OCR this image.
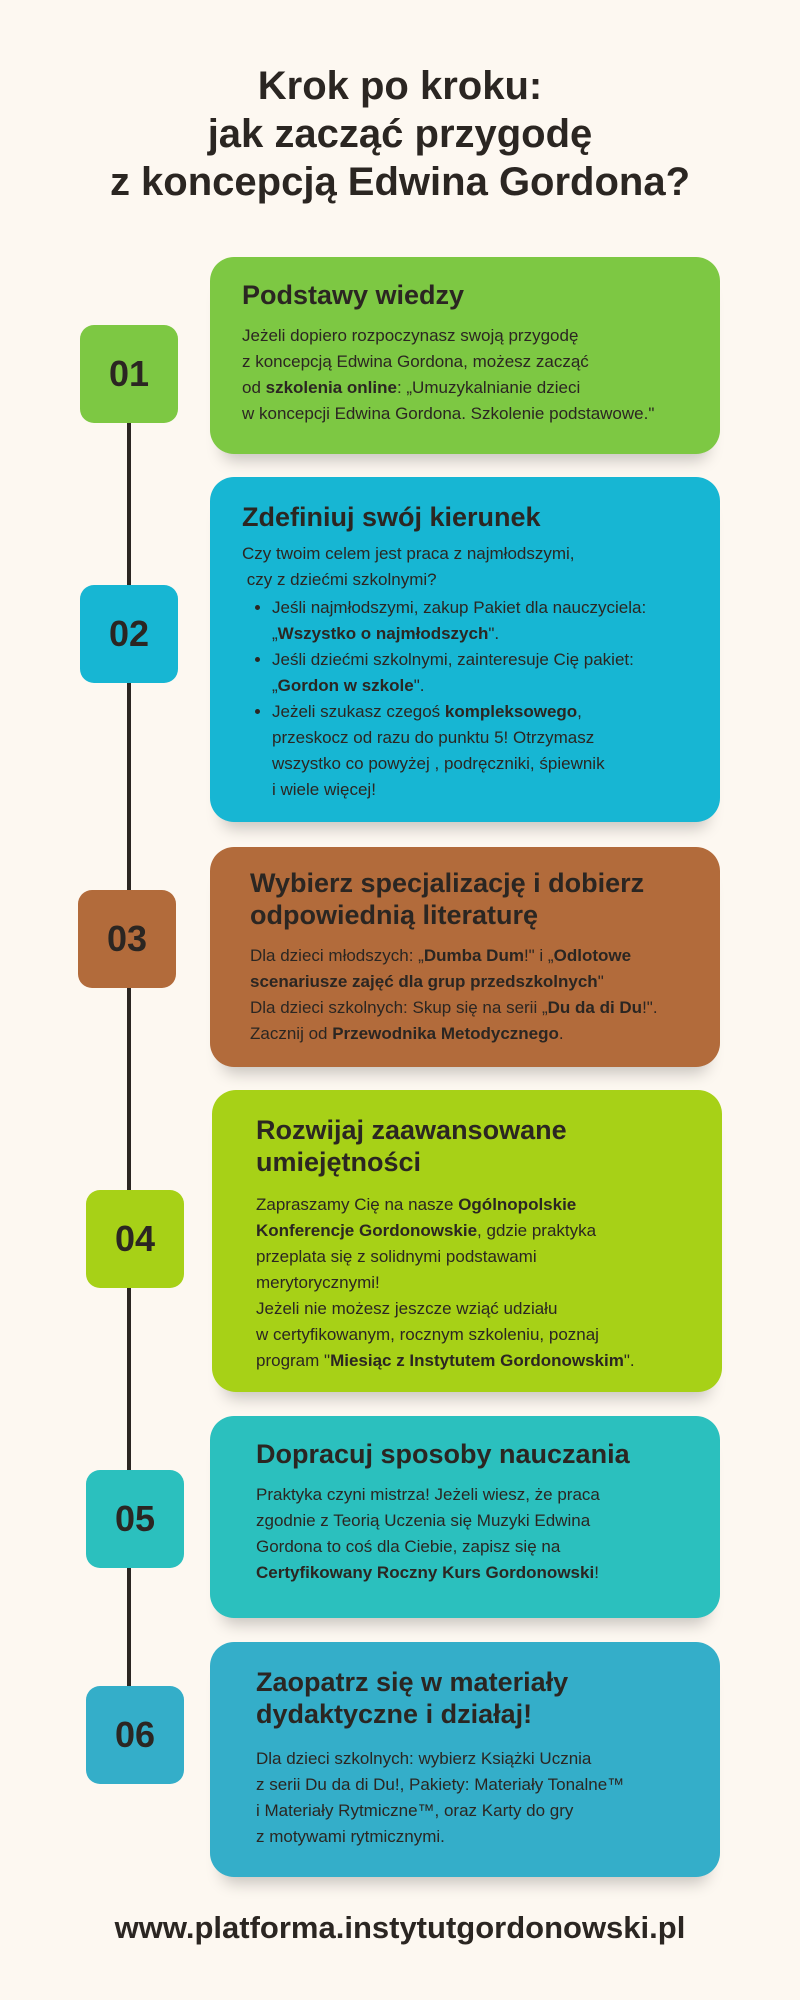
Krok po kroku:
jak zacząć przygodę
z koncepcją Edwina Gordona?
01
Podstawy wiedzy

Jeżeli dopiero rozpoczynasz swoją przygodę

z koncepcją Edwina Gordona, możesz zacząć

od szkolenia online: „Umuzykalnianie dzieci

w koncepcji Edwina Gordona. Szkolenie podstawowe."

02
Zdefiniuj swój kierunek

Czy twoim celem jest praca z najmłodszymi,

czy z dziećmi szkolnymi?

• Jeśli najmłodszymi, zakup Pakiet dla nauczyciela:
„Wszystko o najmłodszych".
• Jeśli dziećmi szkolnymi, zainteresuje Cię pakiet:
„Gordon w szkole".
• Jeżeli szukasz czegoś kompleksowego,
przeskocz od razu do punktu 5! Otrzymasz
wszystko co powyżej , podręczniki, śpiewnik
i wiele więcej!
03
Wybierz specjalizację i dobierz
odpowiednią literaturę

Dla dzieci młodszych: „Dumba Dum!" i „Odlotowe

scenariusze zajęć dla grup przedszkolnych"

Dla dzieci szkolnych: Skup się na serii „Du da di Du!".

Zacznij od Przewodnika Metodycznego.

04
Rozwijaj zaawansowane
umiejętności

Zapraszamy Cię na nasze Ogólnopolskie

Konferencje Gordonowskie, gdzie praktyka

przeplata się z solidnymi podstawami

merytorycznymi!

Jeżeli nie możesz jeszcze wziąć udziału

w certyfikowanym, rocznym szkoleniu, poznaj

program "Miesiąc z Instytutem Gordonowskim".

05
Dopracuj sposoby nauczania

Praktyka czyni mistrza! Jeżeli wiesz, że praca

zgodnie z Teorią Uczenia się Muzyki Edwina

Gordona to coś dla Ciebie, zapisz się na

Certyfikowany Roczny Kurs Gordonowski!

06
Zaopatrz się w materiały
dydaktyczne i działaj!

Dla dzieci szkolnych: wybierz Książki Ucznia

z serii Du da di Du!, Pakiety: Materiały Tonalne™

i Materiały Rytmiczne™, oraz Karty do gry

z motywami rytmicznymi.

www.platforma.instytutgordonowski.pl
